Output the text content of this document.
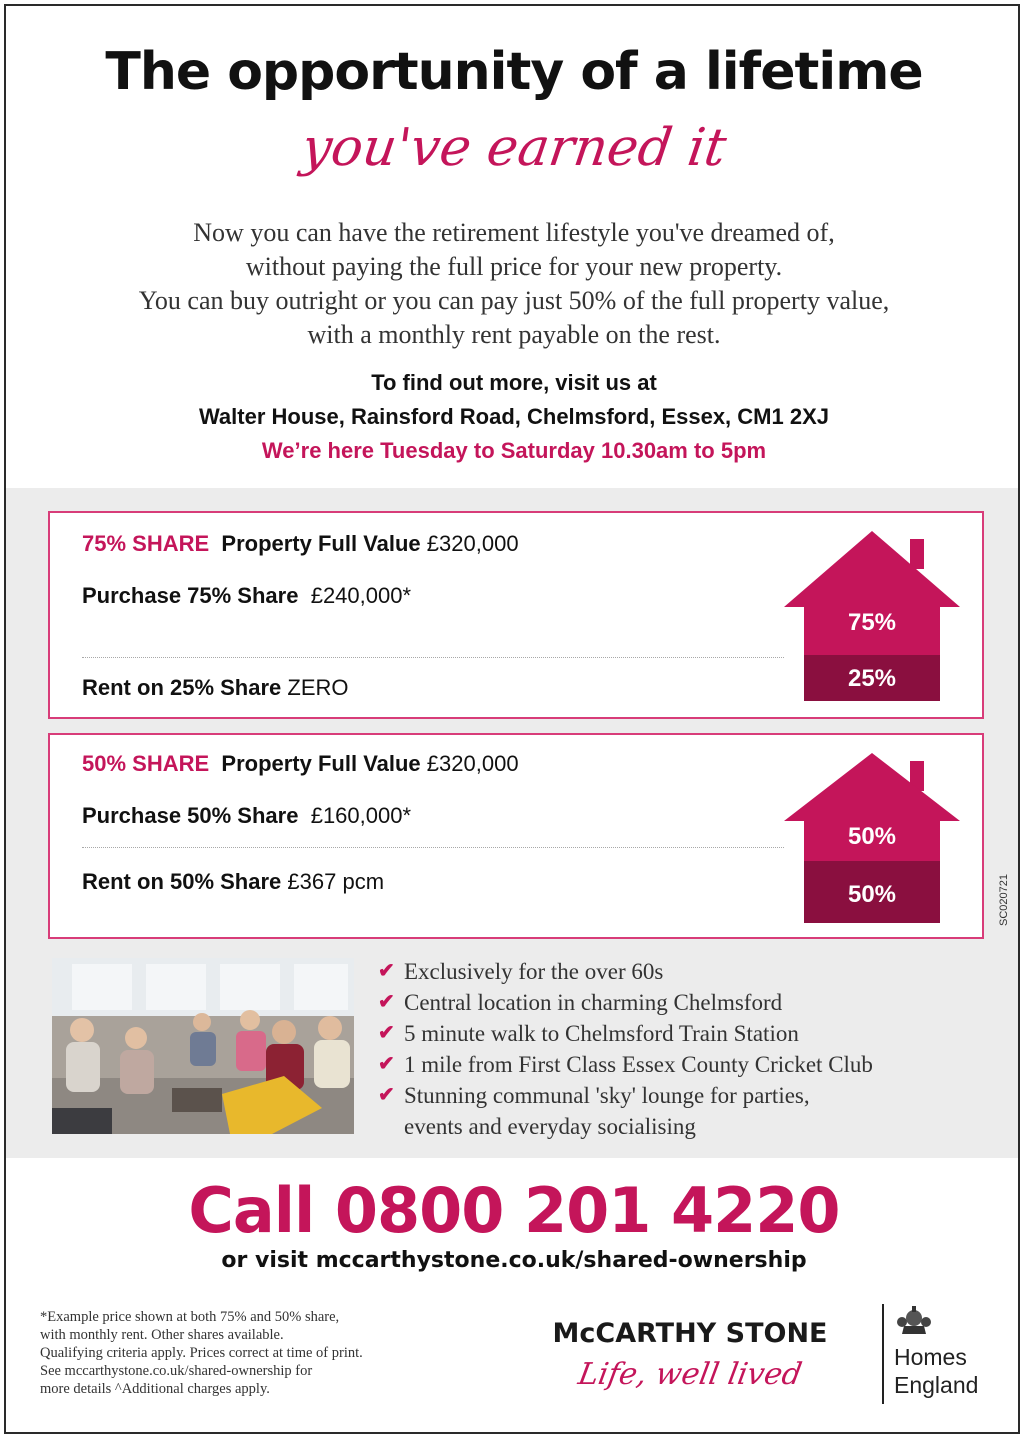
The opportunity of a lifetime
you've earned it
Now you can have the retirement lifestyle you've dreamed of,
without paying the full price for your new property.
You can buy outright or you can pay just 50% of the full property value,
with a monthly rent payable on the rest.
To find out more, visit us at
Walter House, Rainsford Road, Chelmsford, Essex, CM1 2XJ
We’re here Tuesday to Saturday 10.30am to 5pm
75% SHARE Property Full Value £320,000
Purchase 75% Share £240,000*
Rent on 25% Share ZERO
75%
25%
50% SHARE Property Full Value £320,000
Purchase 50% Share £160,000*
Rent on 50% Share £367 pcm
50%
50%	SC020721
✔ Exclusively for the over 60s
✔ Central location in charming Chelmsford
✔ 5 minute walk to Chelmsford Train Station
✔ 1 mile from First Class Essex County Cricket Club
✔ Stunning communal 'sky' lounge for parties,
events and everyday socialising
Call 0800 201 4220
or visit mccarthystone.co.uk/shared-ownership
*Example price shown at both 75% and 50% share,
with monthly rent. Other shares available.
Qualifying criteria apply. Prices correct at time of print.
See mccarthystone.co.uk/shared-ownership for
more details ^Additional charges apply.
McCARTHY STONE
Life, well lived	Homes
England
